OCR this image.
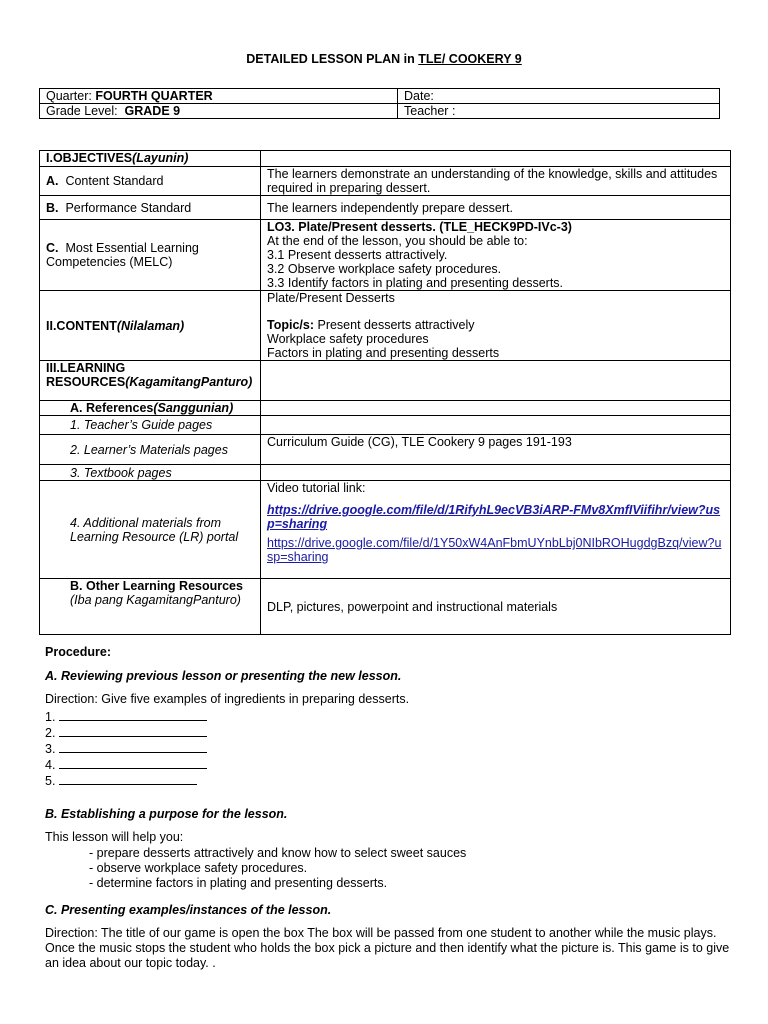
DETAILED LESSON PLAN in TLE/ COOKERY 9
Quarter: FOURTH QUARTER	Date:
Grade Level: GRADE 9	Teacher :
I.OBJECTIVES(Layunin)	
A. Content Standard	The learners demonstrate an understanding of the knowledge, skills and attitudes required in preparing dessert.
B. Performance Standard	The learners independently prepare dessert.

C. Most Essential Learning Competencies (MELC)	LO3. Plate/Present desserts. (TLE_HECK9PD-IVc-3)
At the end of the lesson, you should be able to:
3.1 Present desserts attractively.
3.2 Observe workplace safety procedures.
3.3 Identify factors in plating and presenting desserts.

II.CONTENT(Nilalaman)	Plate/Present Desserts
Topic/s: Present desserts attractively
Workplace safety procedures
Factors in plating and presenting desserts

III.LEARNING RESOURCES(KagamitangPanturo)	
A. References(Sanggunian)	
1. Teacher’s Guide pages	
2. Learner’s Materials pages	Curriculum Guide (CG), TLE Cookery 9 pages 191-193
3. Textbook pages	
4. Additional materials from Learning Resource (LR) portal	Video tutorial link:
https://drive.google.com/file/d/1RifyhL9ecVB3iARP-FMv8XmfIViifihr/view?usp=sharing
https://drive.google.com/file/d/1Y50xW4AnFbmUYnbLbj0NIbROHugdgBzq/view?usp=sharing

B. Other Learning Resources
(Iba pang KagamitangPanturo)	DLP, pictures, powerpoint and instructional materials
Procedure:
A. Reviewing previous lesson or presenting the new lesson.
Direction: Give five examples of ingredients in preparing desserts.
1.
2.
3.
4.
5.
B. Establishing a purpose for the lesson.
This lesson will help you:
- prepare desserts attractively and know how to select sweet sauces
- observe workplace safety procedures.
- determine factors in plating and presenting desserts.
C. Presenting examples/instances of the lesson.
Direction: The title of our game is open the box The box will be passed from one student to another while the music plays. Once the music stops the student who holds the box pick a picture and then identify what the picture is. This game is to give an idea about our topic today. .
